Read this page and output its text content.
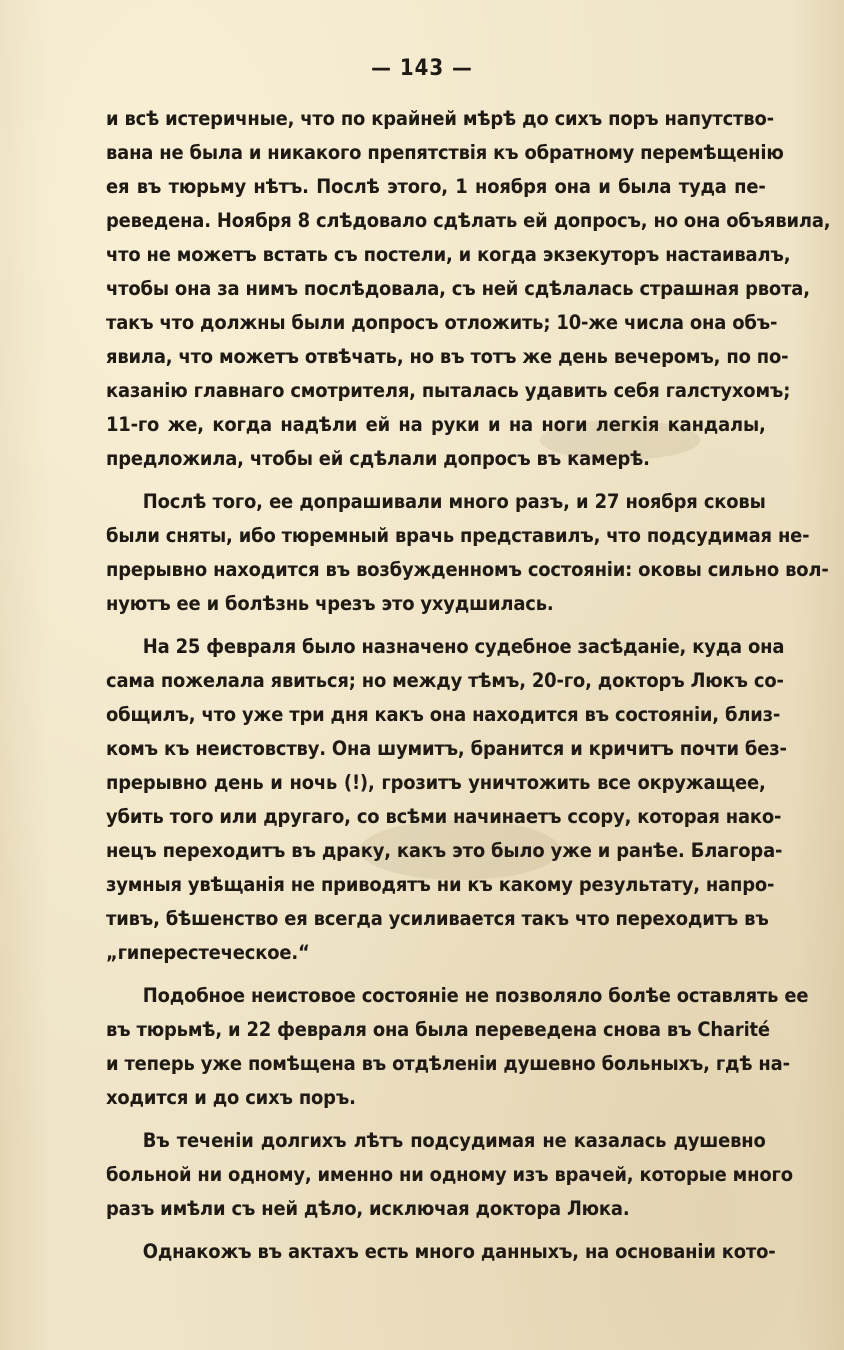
— 143 —
и всѣ истеричные, что по крайней мѣрѣ до сихъ поръ напутство-
вана не была и никакого препятствія къ обратному перемѣщенію
ея въ тюрьму нѣтъ. Послѣ этого, 1 ноября она и была туда пе-
реведена. Ноября 8 слѣдовало сдѣлать ей допросъ, но она объявила,
что не можетъ встать съ постели, и когда экзекуторъ настаивалъ,
чтобы она за нимъ послѣдовала, съ ней сдѣлалась страшная рвота,
такъ что должны были допросъ отложить; 10-же числа она объ-
явила, что можетъ отвѣчать, но въ тотъ же день вечеромъ, по по-
казанію главнаго смотрителя, пыталась удавить себя галстухомъ;
11-го же, когда надѣли ей на руки и на ноги легкія кандалы,
предложила, чтобы ей сдѣлали допросъ въ камерѣ.
Послѣ того, ее допрашивали много разъ, и 27 ноября сковы
были сняты, ибо тюремный врачь представилъ, что подсудимая не-
прерывно находится въ возбужденномъ состояніи: оковы сильно вол-
нуютъ ее и болѣзнь чрезъ это ухудшилась.
На 25 февраля было назначено судебное засѣданіе, куда она
сама пожелала явиться; но между тѣмъ, 20-го, докторъ Люкъ со-
общилъ, что уже три дня какъ она находится въ состояніи, близ-
комъ къ неистовству. Она шумитъ, бранится и кричитъ почти без-
прерывно день и ночь (!), грозитъ уничтожить все окружащее,
убить того или другаго, со всѣми начинаетъ ссору, которая нако-
нецъ переходитъ въ драку, какъ это было уже и ранѣе. Благора-
зумныя увѣщанія не приводятъ ни къ какому результату, напро-
тивъ, бѣшенство ея всегда усиливается такъ что переходитъ въ
„гиперестеческое.“
Подобное неистовое состояніе не позволяло болѣе оставлять ее
въ тюрьмѣ, и 22 февраля она была переведена снова въ Charité
и теперь уже помѣщена въ отдѣленіи душевно больныхъ, гдѣ на-
ходится и до сихъ поръ.
Въ теченіи долгихъ лѣтъ подсудимая не казалась душевно
больной ни одному, именно ни одному изъ врачей, которые много
разъ имѣли съ ней дѣло, исключая доктора Люка.
Однакожъ въ актахъ есть много данныхъ, на основаніи кото-
